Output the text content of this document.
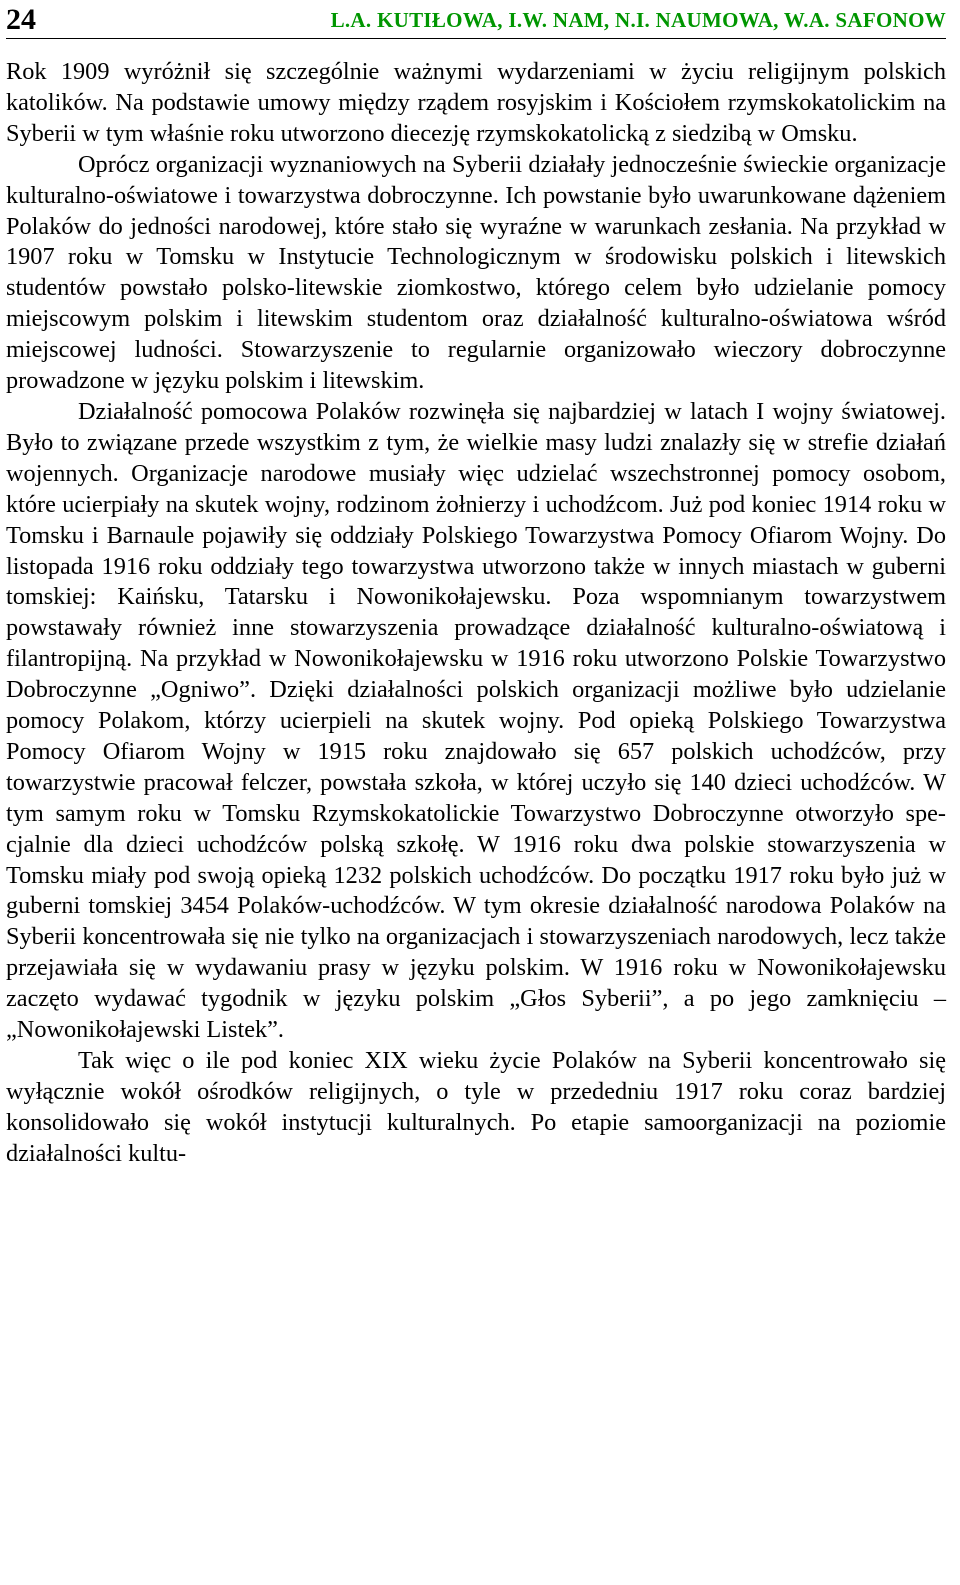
24	L.A. KUTIŁOWA, I.W. NAM, N.I. NAUMOWA, W.A. SAFONOW

Rok 1909 wyróżnił się szczególnie ważnymi wydarzeniami w życiu religijnym polskich katolików. Na podstawie umowy między rządem rosyjskim i Kościołem rzymskokatolickim na Syberii w tym właśnie roku utworzono diecezję rzymskokatolicką z siedzibą w Omsku.

Oprócz organizacji wyznaniowych na Syberii działały jednocześnie świeckie organizacje kulturalno-oświatowe i towarzystwa dobroczynne. Ich powstanie było uwarunkowane dążeniem Polaków do jedności narodowej, które stało się wyraźne w warunkach zesłania. Na przykład w 1907 roku w Tomsku w Instytucie Technologicznym w środowisku polskich i litewskich studentów powstało polsko-litewskie ziomkostwo, którego celem było udzielanie pomocy miejscowym polskim i litewskim studentom oraz działalność kulturalno-oświatowa wśród miejscowej ludności. Stowarzyszenie to regularnie organizowało wieczory dobroczynne prowadzone w języku polskim i litewskim.

Działalność pomocowa Polaków rozwinęła się najbardziej w latach I wojny światowej. Było to związane przede wszystkim z tym, że wielkie masy ludzi znalazły się w strefie działań wojennych. Organizacje narodowe musiały więc udzielać wszechstronnej pomocy osobom, które ucierpiały na skutek wojny, rodzinom żołnierzy i uchodźcom. Już pod koniec 1914 roku w Tomsku i Barnaule pojawiły się oddziały Polskiego Towarzystwa Pomocy Ofiarom Wojny. Do listopada 1916 roku oddziały tego towarzystwa utworzono także w innych miastach w guberni tomskiej: Kaińsku, Tatarsku i Nowonikołajewsku. Poza wspomnianym towarzystwem powstawały również inne stowarzyszenia prowadzące działalność kulturalno-oświatową i filantropijną. Na przykład w Nowonikołajewsku w 1916 roku utworzono Polskie Towarzystwo Dobroczynne „Ogniwo”. Dzięki działalności polskich organizacji możliwe było udzielanie pomocy Polakom, którzy ucierpieli na skutek wojny. Pod opieką Polskiego Towarzystwa Pomocy Ofiarom Wojny w 1915 roku znajdowało się 657 polskich uchodźców, przy towarzystwie pracował felczer, powstała szkoła, w której uczyło się 140 dzieci uchodźców. W tym samym roku w Tomsku Rzymskokatolickie Towarzystwo Dobroczynne otworzyło specjalnie dla dzieci uchodźców polską szkołę. W 1916 roku dwa polskie stowarzyszenia w Tomsku miały pod swoją opieką 1232 polskich uchodźców. Do początku 1917 roku było już w guberni tomskiej 3454 Polaków-uchodźców. W tym okresie działalność narodowa Polaków na Syberii koncentrowała się nie tylko na organizacjach i stowarzyszeniach narodowych, lecz także przejawiała się w wydawaniu prasy w języku polskim. W 1916 roku w Nowonikołajewsku zaczęto wydawać tygodnik w języku polskim „Głos Syberii”, a po jego zamknięciu – „Nowonikołajewski Listek”.

Tak więc o ile pod koniec XIX wieku życie Polaków na Syberii koncentrowało się wyłącznie wokół ośrodków religijnych, o tyle w przededniu 1917 roku coraz bardziej konsolidowało się wokół instytucji kulturalnych. Po etapie samoorganizacji na poziomie działalności kultu-
